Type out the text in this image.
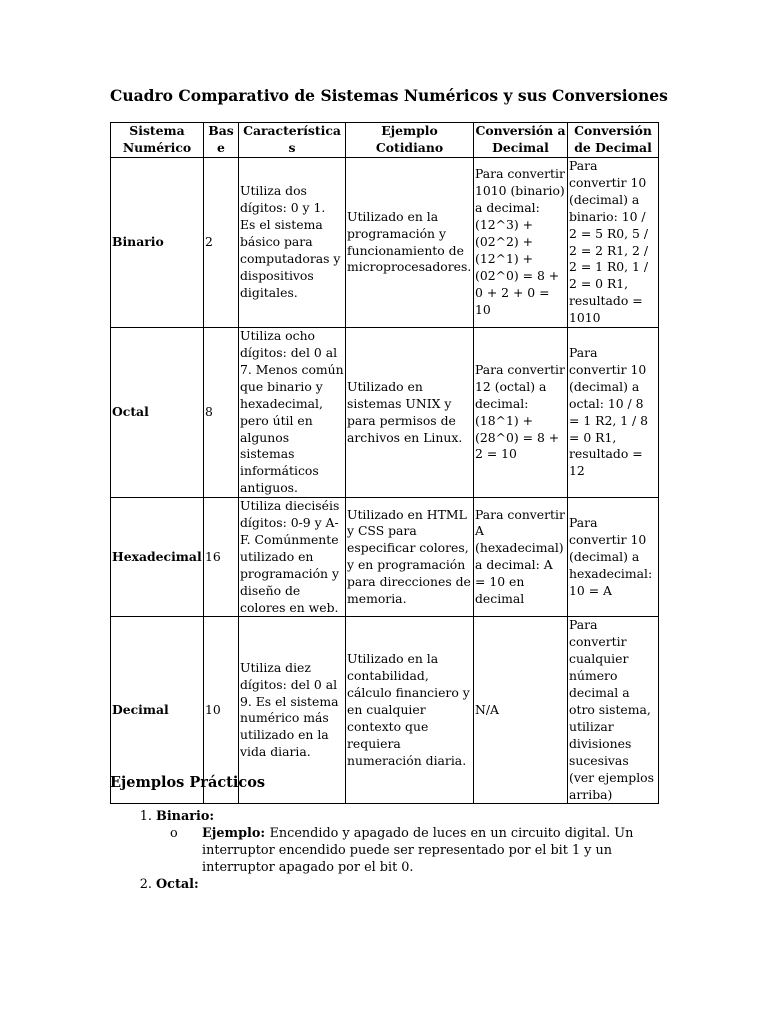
Cuadro Comparativo de Sistemas Numéricos y sus Conversiones
Sistema Numérico	Base	Características	Ejemplo Cotidiano	Conversión a Decimal	Conversión de Decimal
Binario	2	Utiliza dos dígitos: 0 y 1. Es el sistema básico para computadoras y dispositivos digitales.	Utilizado en la programación y funcionamiento de microprocesadores.	Para convertir 1010 (binario) a decimal: (12^3) + (02^2) + (12^1) + (02^0) = 8 + 0 + 2 + 0 = 10	Para convertir 10 (decimal) a binario: 10 / 2 = 5 R0, 5 / 2 = 2 R1, 2 / 2 = 1 R0, 1 / 2 = 0 R1, resultado = 1010
Octal	8	Utiliza ocho dígitos: del 0 al 7. Menos común que binario y hexadecimal, pero útil en algunos sistemas informáticos antiguos.	Utilizado en sistemas UNIX y para permisos de archivos en Linux.	Para convertir 12 (octal) a decimal: (18^1) + (28^0) = 8 + 2 = 10	Para convertir 10 (decimal) a octal: 10 / 8 = 1 R2, 1 / 8 = 0 R1, resultado = 12
Hexadecimal	16	Utiliza dieciséis dígitos: 0-9 y A-F. Comúnmente utilizado en programación y diseño de colores en web.	Utilizado en HTML y CSS para especificar colores, y en programación para direcciones de memoria.	Para convertir A (hexadecimal) a decimal: A = 10 en decimal	Para convertir 10 (decimal) a hexadecimal: 10 = A
Decimal	10	Utiliza diez dígitos: del 0 al 9. Es el sistema numérico más utilizado en la vida diaria.	Utilizado en la contabilidad, cálculo financiero y en cualquier contexto que requiera numeración diaria.	N/A	Para convertir cualquier número decimal a otro sistema, utilizar divisiones sucesivas (ver ejemplos arriba)
Ejemplos Prácticos
1. Binario:
o Ejemplo: Encendido y apagado de luces en un circuito digital. Un interruptor encendido puede ser representado por el bit 1 y un interruptor apagado por el bit 0.
2. Octal:
